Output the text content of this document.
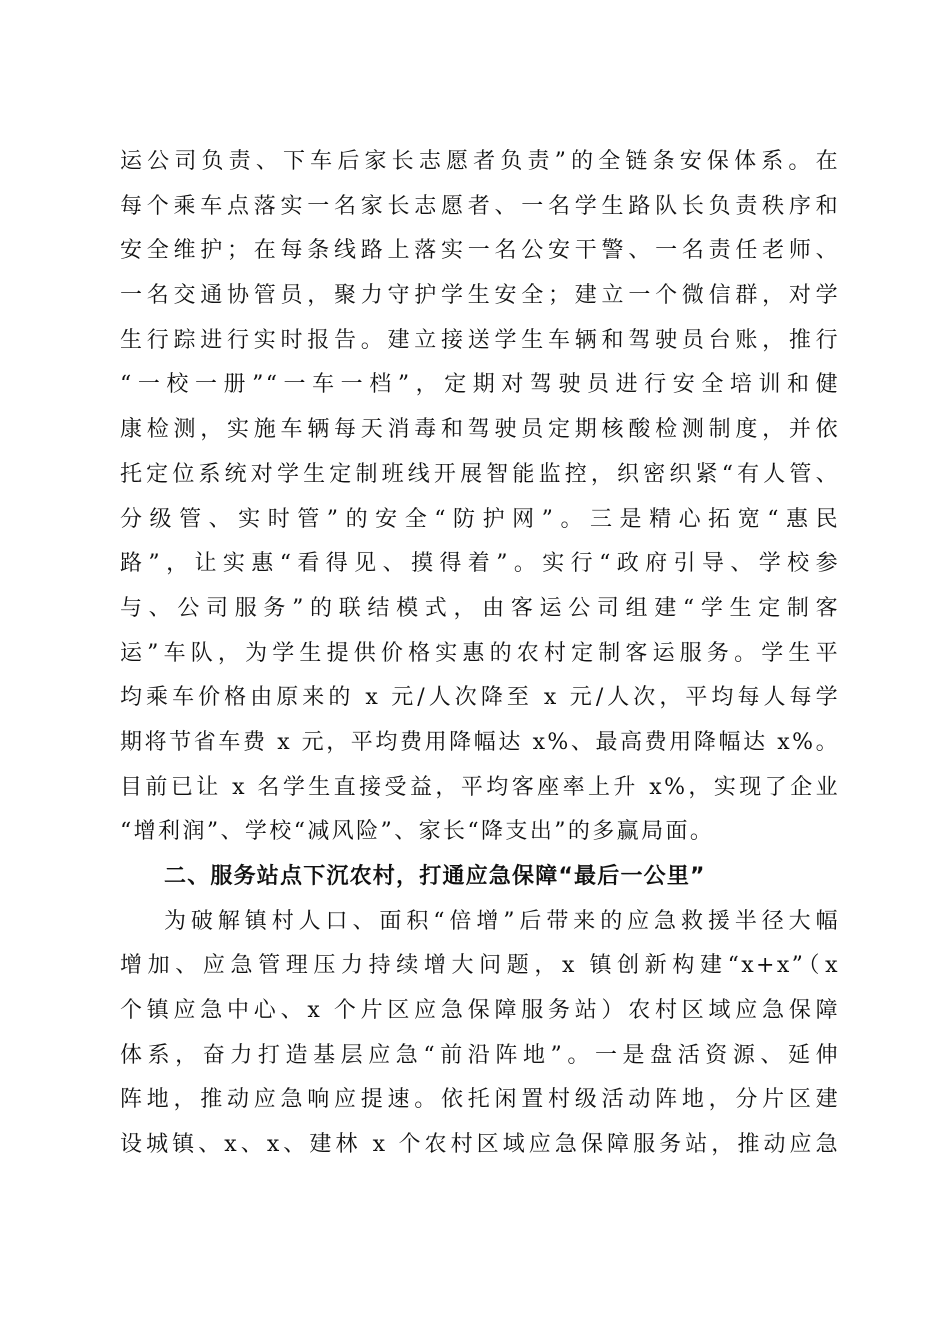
运公司负责、下车后家长志愿者负责”的全链条安保体系。在
每个乘车点落实一名家长志愿者、一名学生路队长负责秩序和
安全维护；在每条线路上落实一名公安干警、一名责任老师、
一名交通协管员，聚力守护学生安全；建立一个微信群，对学
生行踪进行实时报告。建立接送学生车辆和驾驶员台账，推行
“一校一册”“一车一档”，定期对驾驶员进行安全培训和健
康检测，实施车辆每天消毒和驾驶员定期核酸检测制度，并依
托定位系统对学生定制班线开展智能监控，织密织紧“有人管、
分级管、实时管”的安全“防护网”。三是精心拓宽“惠民
路”，让实惠“看得见、摸得着”。实行“政府引导、学校参
与、公司服务”的联结模式，由客运公司组建“学生定制客
运”车队，为学生提供价格实惠的农村定制客运服务。学生平
均乘车价格由原来的 x 元/人次降至 x 元/人次，平均每人每学
期将节省车费 x 元，平均费用降幅达 x%、最高费用降幅达 x%。
目前已让 x 名学生直接受益，平均客座率上升 x%，实现了企业
“增利润”、学校“减风险”、家长“降支出”的多赢局面。
二、服务站点下沉农村，打通应急保障“最后一公里”
为破解镇村人口、面积“倍增”后带来的应急救援半径大幅
增加、应急管理压力持续增大问题，x 镇创新构建“x+x”（x
个镇应急中心、x 个片区应急保障服务站）农村区域应急保障
体系，奋力打造基层应急“前沿阵地”。一是盘活资源、延伸
阵地，推动应急响应提速。依托闲置村级活动阵地，分片区建
设城镇、x、x、建林 x 个农村区域应急保障服务站，推动应急
